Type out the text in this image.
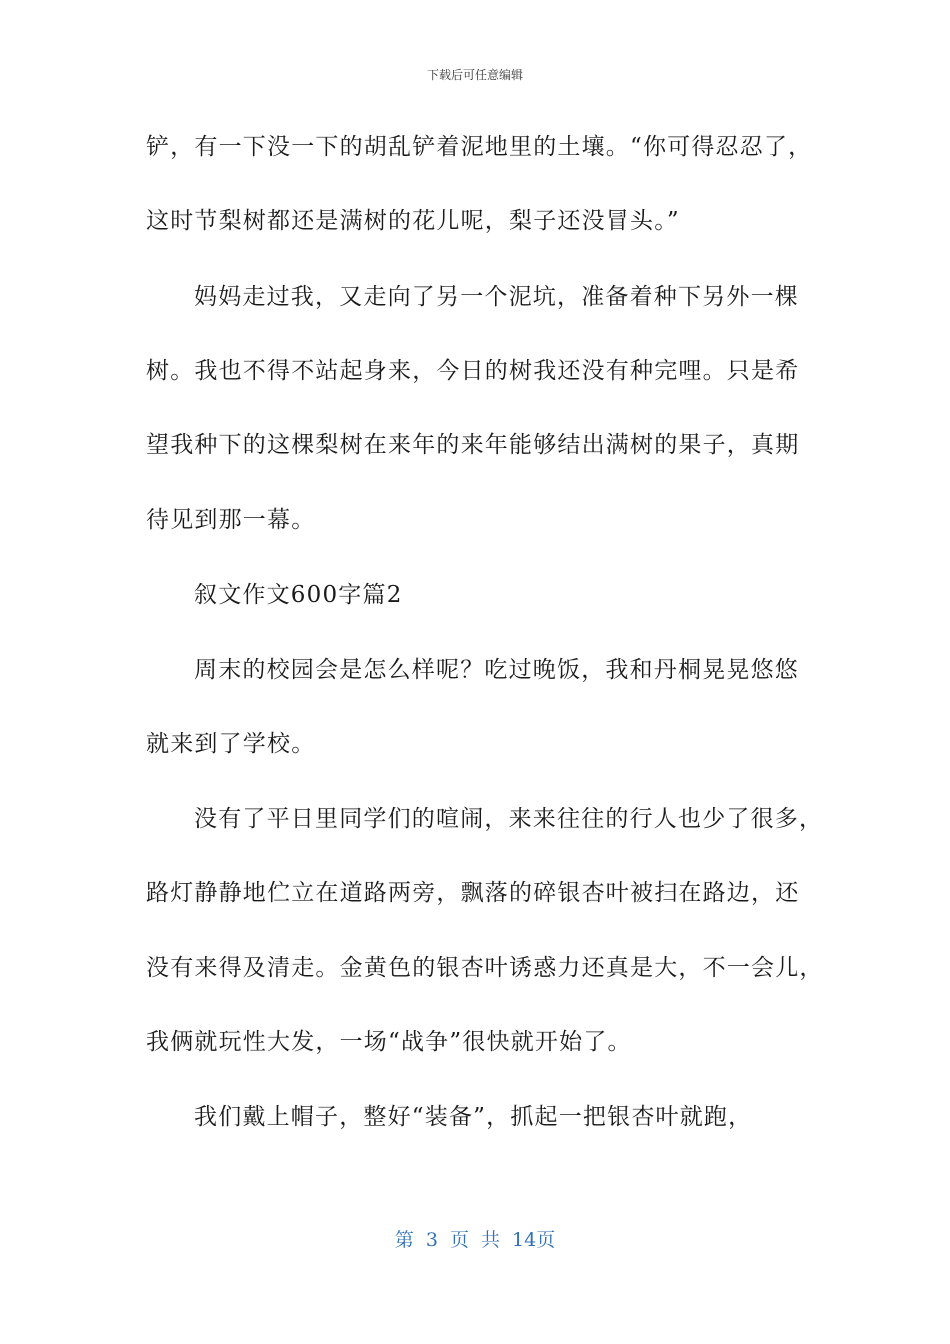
下载后可任意编辑
铲，有一下没一下的胡乱铲着泥地里的土壤。“你可得忍忍了，
这时节梨树都还是满树的花儿呢，梨子还没冒头。”
妈妈走过我，又走向了另一个泥坑，准备着种下另外一棵
树。我也不得不站起身来，今日的树我还没有种完哩。只是希
望我种下的这棵梨树在来年的来年能够结出满树的果子，真期
待见到那一幕。
叙文作文600字篇2
周末的校园会是怎么样呢？吃过晚饭，我和丹桐晃晃悠悠
就来到了学校。
没有了平日里同学们的喧闹，来来往往的行人也少了很多，
路灯静静地伫立在道路两旁，飘落的碎银杏叶被扫在路边，还
没有来得及清走。金黄色的银杏叶诱惑力还真是大，不一会儿，
我俩就玩性大发，一场“战争”很快就开始了。
我们戴上帽子，整好“装备”，抓起一把银杏叶就跑，
第 3 页 共 14页
